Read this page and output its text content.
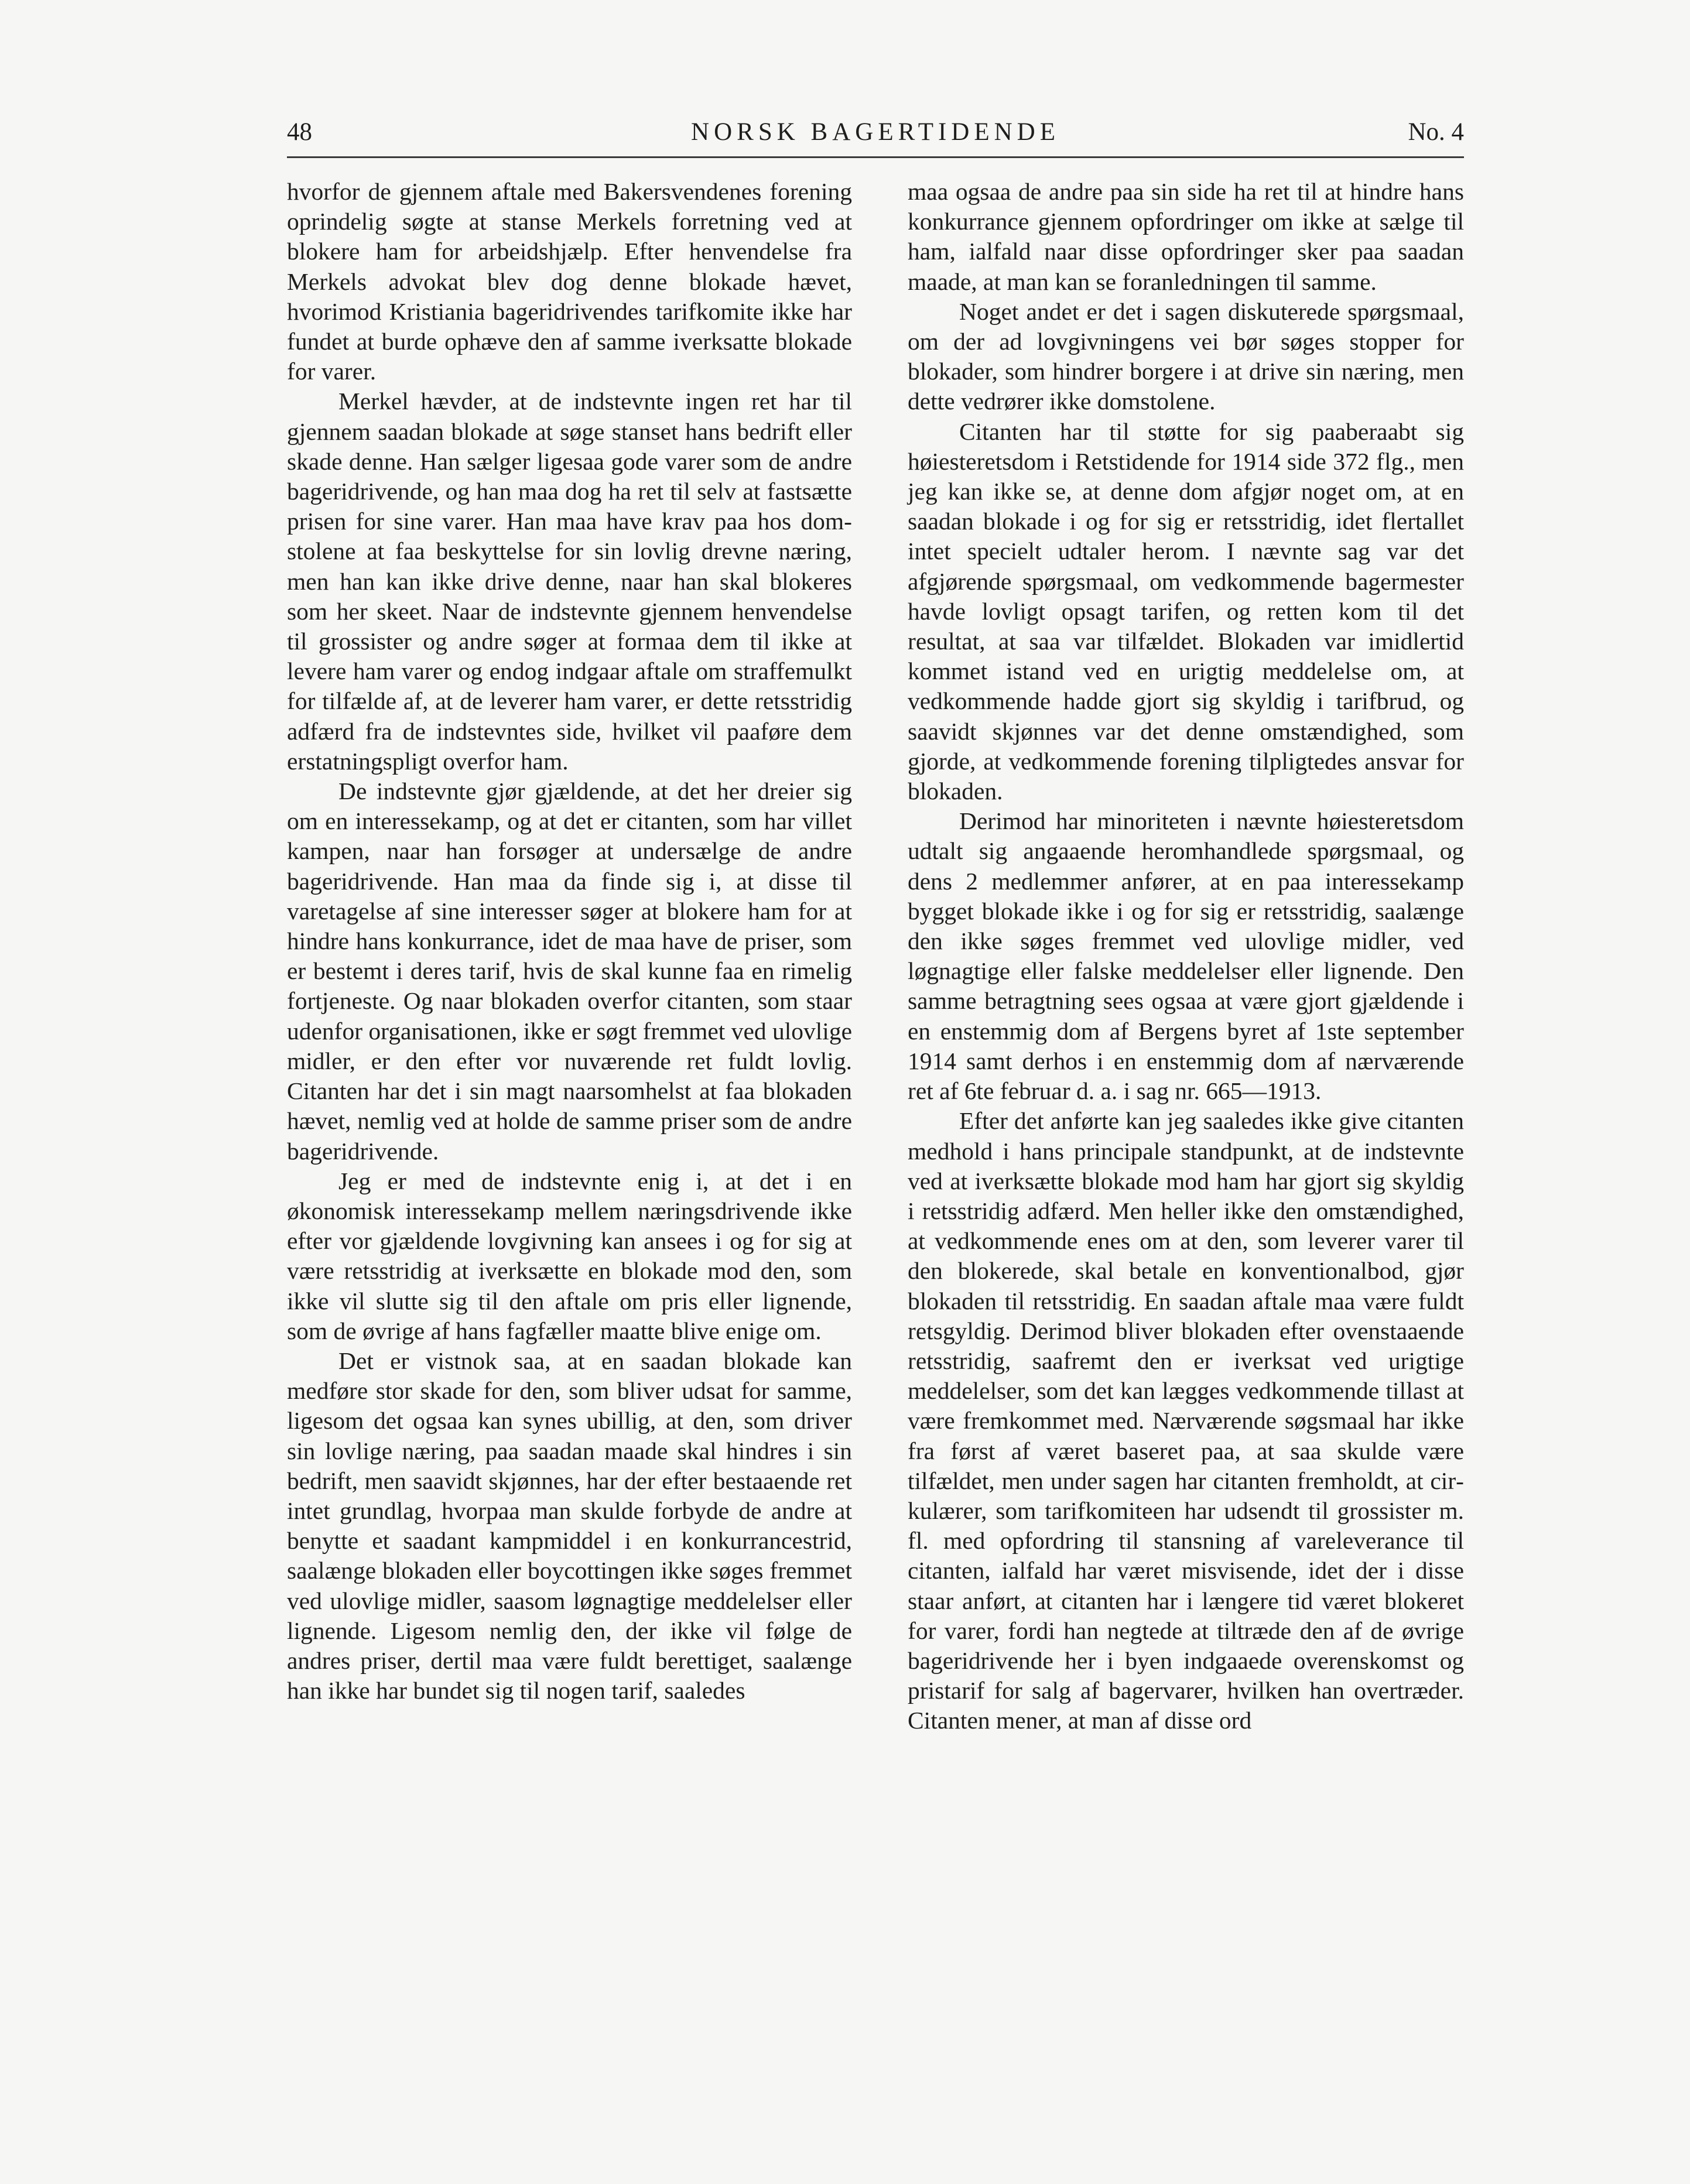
48	NORSK BAGERTIDENDE	No. 4

hvorfor de gjennem aftale med Bakersvendenes forening oprindelig søgte at stanse Merkels forretning ved at blokere ham for arbeidshjælp. Efter henvendelse fra Merkels advokat blev dog denne blokade hævet, hvorimod Kristiania bageridrivendes tarifkomite ikke har fundet at burde ophæve den af samme iverksatte blokade for varer.

Merkel hævder, at de indstevnte ingen ret har til gjennem saadan blokade at søge stanset hans bedrift eller skade denne. Han sælger ligesaa gode varer som de andre bageridrivende, og han maa dog ha ret til selv at fastsætte prisen for sine varer. Han maa have krav paa hos domstolene at faa beskyttelse for sin lovlig drevne næring, men han kan ikke drive denne, naar han skal blokeres som her skeet. Naar de indstevnte gjennem henvendelse til grossister og andre søger at formaa dem til ikke at levere ham varer og endog indgaar aftale om straffemulkt for tilfælde af, at de leverer ham varer, er dette retsstridig adfærd fra de indstevntes side, hvilket vil paaføre dem erstatningspligt overfor ham.

De indstevnte gjør gjældende, at det her dreier sig om en interessekamp, og at det er citanten, som har villet kampen, naar han forsøger at undersælge de andre bageridrivende. Han maa da finde sig i, at disse til varetagelse af sine interesser søger at blokere ham for at hindre hans konkurrance, idet de maa have de priser, som er bestemt i deres tarif, hvis de skal kunne faa en rimelig fortjeneste. Og naar blokaden overfor citanten, som staar udenfor organisationen, ikke er søgt fremmet ved ulovlige midler, er den efter vor nuværende ret fuldt lovlig. Citanten har det i sin magt naarsomhelst at faa blokaden hævet, nemlig ved at holde de samme priser som de andre bageridrivende.

Jeg er med de indstevnte enig i, at det i en økonomisk interessekamp mellem næringsdrivende ikke efter vor gjældende lovgivning kan ansees i og for sig at være retsstridig at iverksætte en blokade mod den, som ikke vil slutte sig til den aftale om pris eller lignende, som de øvrige af hans fagfæller maatte blive enige om.

Det er vistnok saa, at en saadan blokade kan medføre stor skade for den, som bliver udsat for samme, ligesom det ogsaa kan synes ubillig, at den, som driver sin lovlige næring, paa saadan maade skal hindres i sin bedrift, men saavidt skjønnes, har der efter bestaaende ret intet grundlag, hvorpaa man skulde forbyde de andre at benytte et saadant kampmiddel i en konkurrancestrid, saalænge blokaden eller boycottingen ikke søges fremmet ved ulovlige midler, saasom løgnagtige meddelelser eller lignende. Ligesom nemlig den, der ikke vil følge de andres priser, dertil maa være fuldt berettiget, saalænge han ikke har bundet sig til nogen tarif, saaledes

maa ogsaa de andre paa sin side ha ret til at hindre hans konkurrance gjennem opfordringer om ikke at sælge til ham, ialfald naar disse opfordringer sker paa saadan maade, at man kan se foranledningen til samme.

Noget andet er det i sagen diskuterede spørgsmaal, om der ad lovgivningens vei bør søges stopper for blokader, som hindrer borgere i at drive sin næring, men dette vedrører ikke domstolene.

Citanten har til støtte for sig paaberaabt sig høiesteretsdom i Retstidende for 1914 side 372 flg., men jeg kan ikke se, at denne dom afgjør noget om, at en saadan blokade i og for sig er retsstridig, idet flertallet intet specielt udtaler herom. I nævnte sag var det afgjørende spørgsmaal, om vedkommende bagermester havde lovligt opsagt tarifen, og retten kom til det resultat, at saa var tilfældet. Blokaden var imidlertid kommet istand ved en urigtig meddelelse om, at vedkommende hadde gjort sig skyldig i tarifbrud, og saavidt skjønnes var det denne omstændighed, som gjorde, at vedkommende forening tilpligtedes ansvar for blokaden.

Derimod har minoriteten i nævnte høiesteretsdom udtalt sig angaaende heromhandlede spørgsmaal, og dens 2 medlemmer anfører, at en paa interessekamp bygget blokade ikke i og for sig er retsstridig, saalænge den ikke søges fremmet ved ulovlige midler, ved løgnagtige eller falske meddelelser eller lignende. Den samme betragtning sees ogsaa at være gjort gjældende i en enstemmig dom af Bergens byret af 1ste september 1914 samt derhos i en enstemmig dom af nærværende ret af 6te februar d. a. i sag nr. 665—1913.

Efter det anførte kan jeg saaledes ikke give citanten medhold i hans principale standpunkt, at de indstevnte ved at iverksætte blokade mod ham har gjort sig skyldig i retsstridig adfærd. Men heller ikke den omstændighed, at vedkommende enes om at den, som leverer varer til den blokerede, skal betale en konventionalbod, gjør blokaden til retsstridig. En saadan aftale maa være fuldt retsgyldig. Derimod bliver blokaden efter ovenstaaende retsstridig, saafremt den er iverksat ved urigtige meddelelser, som det kan lægges vedkommende tillast at være fremkommet med. Nærværende søgsmaal har ikke fra først af været baseret paa, at saa skulde være tilfældet, men under sagen har citanten fremholdt, at cirkulærer, som tarifkomiteen har udsendt til grossister m. fl. med opfordring til stansning af vareleverance til citanten, ialfald har været misvisende, idet der i disse staar anført, at citanten har i længere tid været blokeret for varer, fordi han negtede at tiltræde den af de øvrige bageridrivende her i byen indgaaede overenskomst og pristarif for salg af bagervarer, hvilken han overtræder. Citanten mener, at man af disse ord
